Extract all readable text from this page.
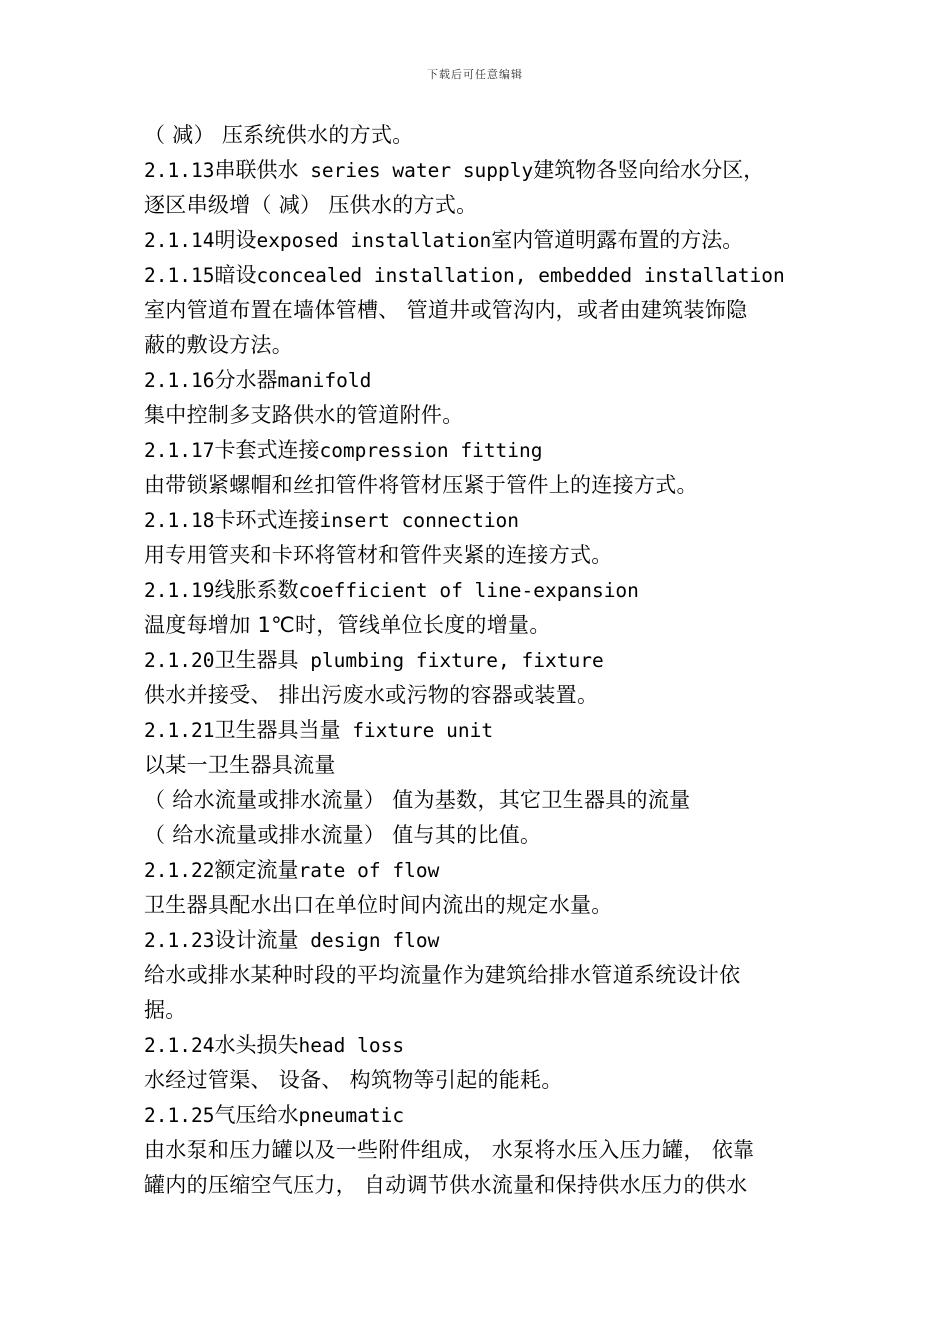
下载后可任意编辑
（ 减） 压系统供水的方式。
2.1.13串联供水 series water supply建筑物各竖向给水分区，
逐区串级增（ 减） 压供水的方式。
2.1.14明设exposed installation室内管道明露布置的方法。
2.1.15暗设concealed installation, embedded installation
室内管道布置在墙体管槽、 管道井或管沟内，或者由建筑装饰隐
蔽的敷设方法。
2.1.16分水器manifold
集中控制多支路供水的管道附件。
2.1.17卡套式连接compression fitting
由带锁紧螺帽和丝扣管件将管材压紧于管件上的连接方式。
2.1.18卡环式连接insert connection
用专用管夹和卡环将管材和管件夹紧的连接方式。
2.1.19线胀系数coefficient of line-expansion
温度每增加 1℃时，管线单位长度的增量。
2.1.20卫生器具 plumbing fixture, fixture
供水并接受、 排出污废水或污物的容器或装置。
2.1.21卫生器具当量 fixture unit
以某一卫生器具流量
（ 给水流量或排水流量） 值为基数，其它卫生器具的流量
（ 给水流量或排水流量） 值与其的比值。
2.1.22额定流量rate of flow
卫生器具配水出口在单位时间内流出的规定水量。
2.1.23设计流量 design flow
给水或排水某种时段的平均流量作为建筑给排水管道系统设计依
据。
2.1.24水头损失head loss
水经过管渠、 设备、 构筑物等引起的能耗。
2.1.25气压给水pneumatic
由水泵和压力罐以及一些附件组成， 水泵将水压入压力罐， 依靠
罐内的压缩空气压力， 自动调节供水流量和保持供水压力的供水
